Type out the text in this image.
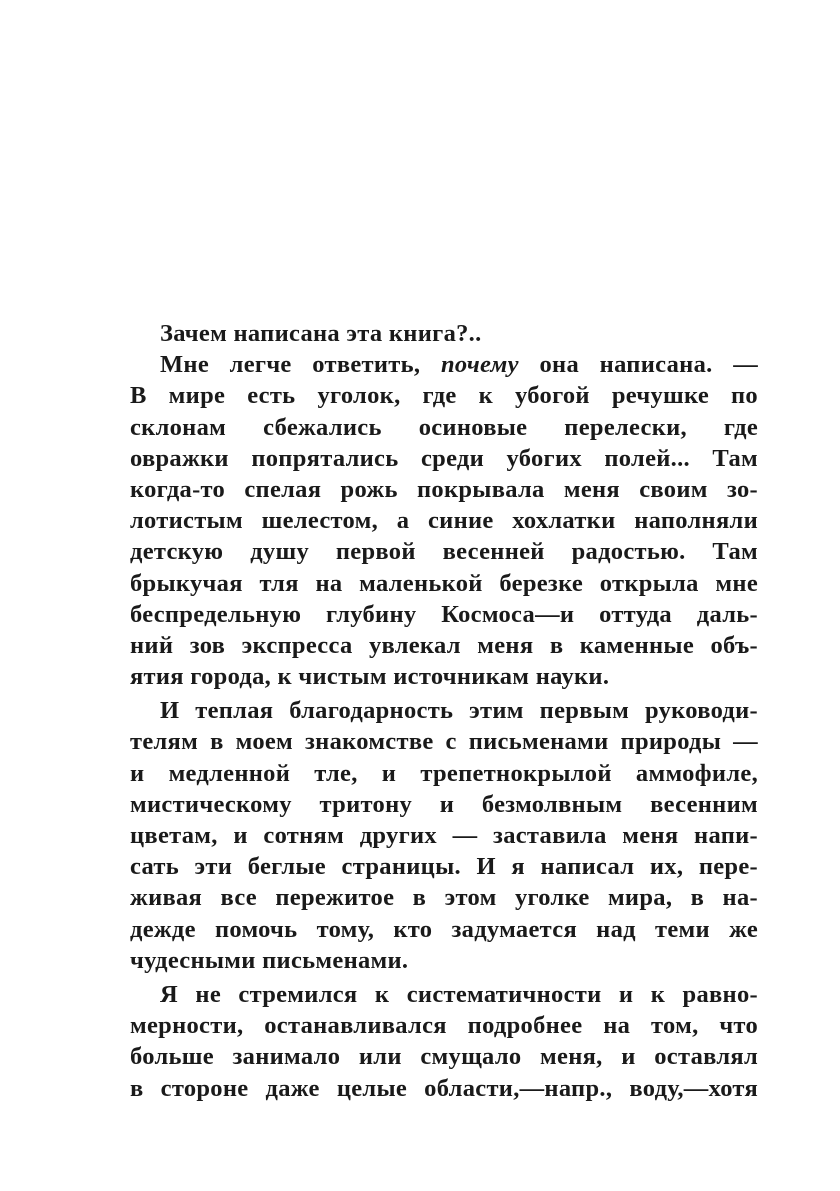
Зачем написана эта книга?..
Мне легче ответить, почему она написана. —
В мире есть уголок, где к убогой речушке по
склонам сбежались осиновые перелески, где
овражки попрятались среди убогих полей... Там
когда-то спелая рожь покрывала меня своим зо-
лотистым шелестом, а синие хохлатки наполняли
детскую душу первой весенней радостью. Там
брыкучая тля на маленькой березке открыла мне
беспредельную глубину Космоса—и оттуда даль-
ний зов экспресса увлекал меня в каменные объ-
ятия города, к чистым источникам науки.
И теплая благодарность этим первым руководи-
телям в моем знакомстве с письменами природы —
и медленной тле, и трепетнокрылой аммофиле,
мистическому тритону и безмолвным весенним
цветам, и сотням других — заставила меня напи-
сать эти беглые страницы. И я написал их, пере-
живая все пережитое в этом уголке мира, в на-
дежде помочь тому, кто задумается над теми же
чудесными письменами.
Я не стремился к систематичности и к равно-
мерности, останавливался подробнее на том, что
больше занимало или смущало меня, и оставлял
в стороне даже целые области,—напр., воду,—хотя
